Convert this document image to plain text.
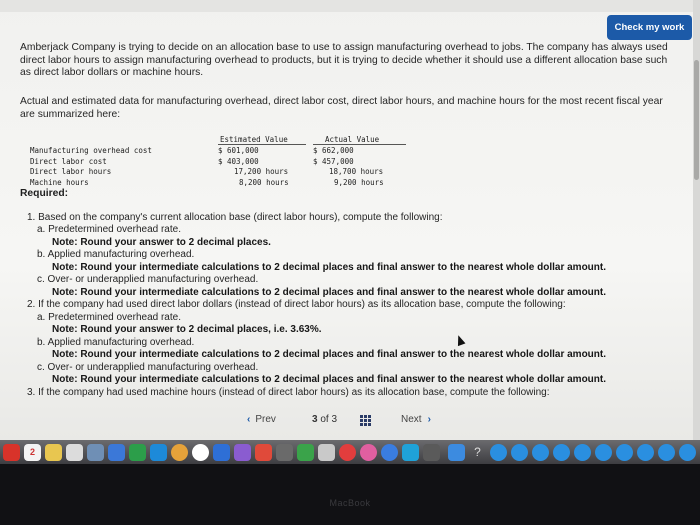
Check my work

Amberjack Company is trying to decide on an allocation base to use to assign manufacturing overhead to jobs. The company has always used direct labor hours to assign manufacturing overhead to products, but it is trying to decide whether it should use a different allocation base such as direct labor dollars or machine hours.

Actual and estimated data for manufacturing overhead, direct labor cost, direct labor hours, and machine hours for the most recent fiscal year are summarized here:

Estimated Value	Actual Value
Manufacturing overhead cost	$ 601,000	$ 662,000
Direct labor cost	$ 403,000	$ 457,000
Direct labor hours	17,200 hours	18,700 hours
Machine hours	8,200 hours	9,200 hours
Required:
1. Based on the company's current allocation base (direct labor hours), compute the following:
a. Predetermined overhead rate.
Note: Round your answer to 2 decimal places.
b. Applied manufacturing overhead.
Note: Round your intermediate calculations to 2 decimal places and final answer to the nearest whole dollar amount.
c. Over- or underapplied manufacturing overhead.
Note: Round your intermediate calculations to 2 decimal places and final answer to the nearest whole dollar amount.
2. If the company had used direct labor dollars (instead of direct labor hours) as its allocation base, compute the following:
a. Predetermined overhead rate.
Note: Round your answer to 2 decimal places, i.e. 3.63%.
b. Applied manufacturing overhead.
Note: Round your intermediate calculations to 2 decimal places and final answer to the nearest whole dollar amount.
c. Over- or underapplied manufacturing overhead.
Note: Round your intermediate calculations to 2 decimal places and final answer to the nearest whole dollar amount.
3. If the company had used machine hours (instead of direct labor hours) as its allocation base, compute the following:
‹ Prev	3 of 3	Next ›
2	?
MacBook
